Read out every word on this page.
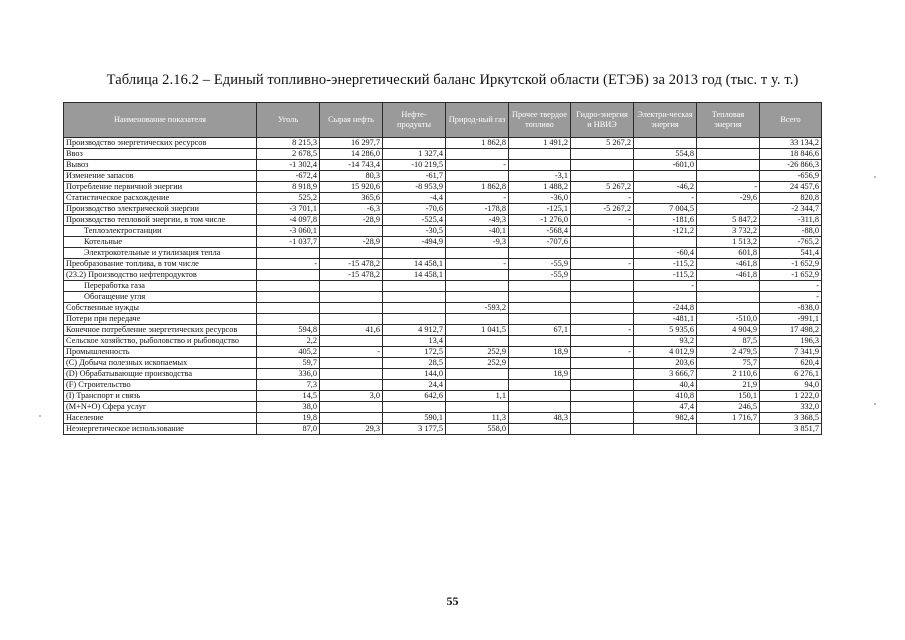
Таблица 2.16.2 – Единый топливно-энергетический баланс Иркутской области (ЕТЭБ) за 2013 год (тыс. т у. т.)
Наименование показателя	Уголь	Сырая нефть	Нефте-продукты	Природ-ный газ	Прочее твердое топливо	Гидро-энергия и НВИЭ	Электри-ческая энергия	Тепловая энергия	Всего
Производство энергетических ресурсов	8 215,3	16 297,7		1 862,8	1 491,2	5 267,2			33 134,2
Ввоз	2 678,5	14 286,0	1 327,4				554,8		18 846,6
Вывоз	-1 302,4	-14 743,4	-10 219,5	-			-601,0		-26 866,3
Изменение запасов	-672,4	80,3	-61,7		-3,1				-656,9
Потребление первичной энергии	8 918,9	15 920,6	-8 953,9	1 862,8	1 488,2	5 267,2	-46,2	-	24 457,6
Статистическое расхождение	525,2	365,6	-4,4	-	-36,0	-	-	-29,6	820,8
Производство электрической энергии	-3 701,1	-6,3	-70,6	-178,8	-125,1	-5 267,2	7 004,5		-2 344,7
Производство тепловой энергии, в том числе	-4 097,8	-28,9	-525,4	-49,3	-1 276,0	-	-181,6	5 847,2	-311,8
Теплоэлектростанции	-3 060,1		-30,5	-40,1	-568,4		-121,2	3 732,2	-88,0
Котельные	-1 037,7	-28,9	-494,9	-9,3	-707,6			1 513,2	-765,2
Электрокотельные и утилизация тепла							-60,4	601,8	541,4
Преобразование топлива, в том числе	-	-15 478,2	14 458,1	-	-55,9	-	-115,2	-461,8	-1 652,9
(23.2) Производство нефтепродуктов		-15 478,2	14 458,1		-55,9		-115,2	-461,8	-1 652,9
Переработка газа							-		-
Обогащение угля									-
Собственные нужды				-593,2			-244,8		-838,0
Потери при передаче							-481,1	-510,0	-991,1
Конечное потребление энергетических ресурсов	594,8	41,6	4 912,7	1 041,5	67,1	-	5 935,6	4 904,9	17 498,2
Сельское хозяйство, рыболовство и рыбоводство	2,2		13,4				93,2	87,5	196,3
Промышленность	405,2	-	172,5	252,9	18,9	-	4 012,9	2 479,5	7 341,9
(С) Добыча полезных ископаемых	59,7		28,5	252,9			203,6	75,7	620,4
(D) Обрабатывающие производства	336,0		144,0		18,9		3 666,7	2 110,6	6 276,1
(F) Строительство	7,3		24,4				40,4	21,9	94,0
(I) Транспорт и связь	14,5	3,0	642,6	1,1			410,8	150,1	1 222,0
(M+N+O) Сфера услуг	38,0						47,4	246,5	332,0
Население	19,8		590,1	11,3	48,3		982,4	1 716,7	3 368,5
Неэнергетическое использование	87,0	29,3	3 177,5	558,0					3 851,7
55
